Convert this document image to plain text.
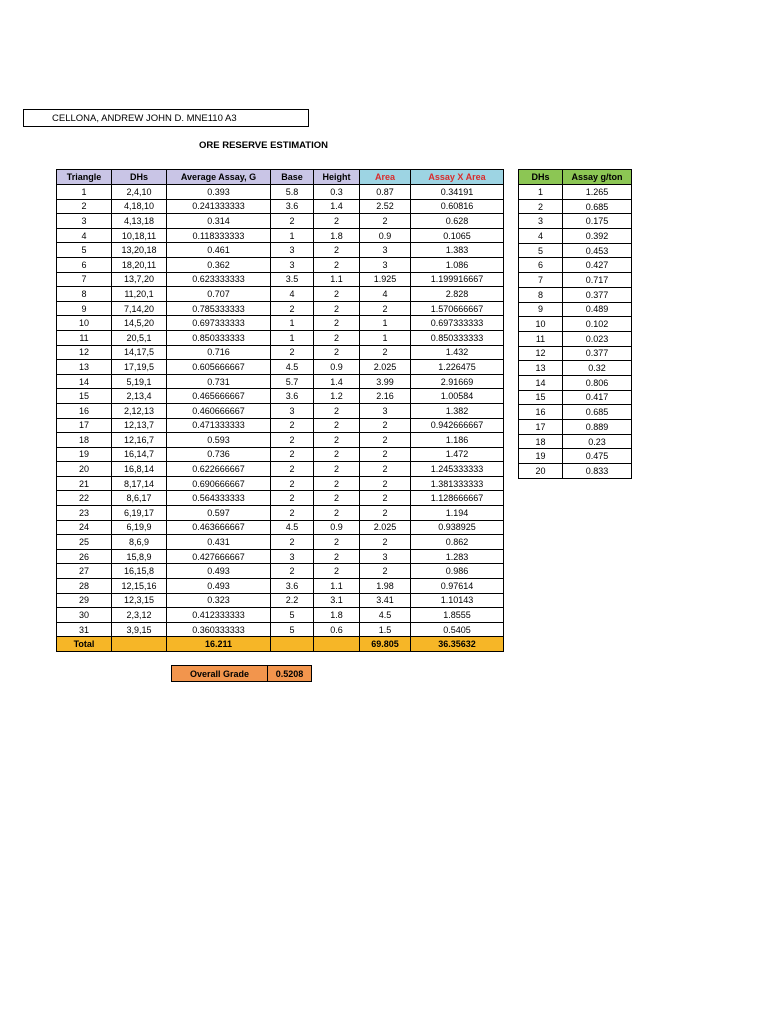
CELLONA, ANDREW JOHN D. MNE110 A3
ORE RESERVE ESTIMATION
Triangle	DHs	Average Assay, G	Base	Height	Area	Assay X Area
1	2,4,10	0.393	5.8	0.3	0.87	0.34191
2	4,18,10	0.241333333	3.6	1.4	2.52	0.60816
3	4,13,18	0.314	2	2	2	0.628
4	10,18,11	0.118333333	1	1.8	0.9	0.1065
5	13,20,18	0.461	3	2	3	1.383
6	18,20,11	0.362	3	2	3	1.086
7	13,7,20	0.623333333	3.5	1.1	1.925	1.199916667
8	11,20,1	0.707	4	2	4	2.828
9	7,14,20	0.785333333	2	2	2	1.570666667
10	14,5,20	0.697333333	1	2	1	0.697333333
11	20,5,1	0.850333333	1	2	1	0.850333333
12	14,17,5	0.716	2	2	2	1.432
13	17,19,5	0.605666667	4.5	0.9	2.025	1.226475
14	5,19,1	0.731	5.7	1.4	3.99	2.91669
15	2,13,4	0.465666667	3.6	1.2	2.16	1.00584
16	2,12,13	0.460666667	3	2	3	1.382
17	12,13,7	0.471333333	2	2	2	0.942666667
18	12,16,7	0.593	2	2	2	1.186
19	16,14,7	0.736	2	2	2	1.472
20	16,8,14	0.622666667	2	2	2	1.245333333
21	8,17,14	0.690666667	2	2	2	1.381333333
22	8,6,17	0.564333333	2	2	2	1.128666667
23	6,19,17	0.597	2	2	2	1.194
24	6,19,9	0.463666667	4.5	0.9	2.025	0.938925
25	8,6,9	0.431	2	2	2	0.862
26	15,8,9	0.427666667	3	2	3	1.283
27	16,15,8	0.493	2	2	2	0.986
28	12,15,16	0.493	3.6	1.1	1.98	0.97614
29	12,3,15	0.323	2.2	3.1	3.41	1.10143
30	2,3,12	0.412333333	5	1.8	4.5	1.8555
31	3,9,15	0.360333333	5	0.6	1.5	0.5405
Total		16.211			69.805	36.35632
DHs	Assay g/ton
1	1.265
2	0.685
3	0.175
4	0.392
5	0.453
6	0.427
7	0.717
8	0.377
9	0.489
10	0.102
11	0.023
12	0.377
13	0.32
14	0.806
15	0.417
16	0.685
17	0.889
18	0.23
19	0.475
20	0.833
Overall Grade	0.5208
